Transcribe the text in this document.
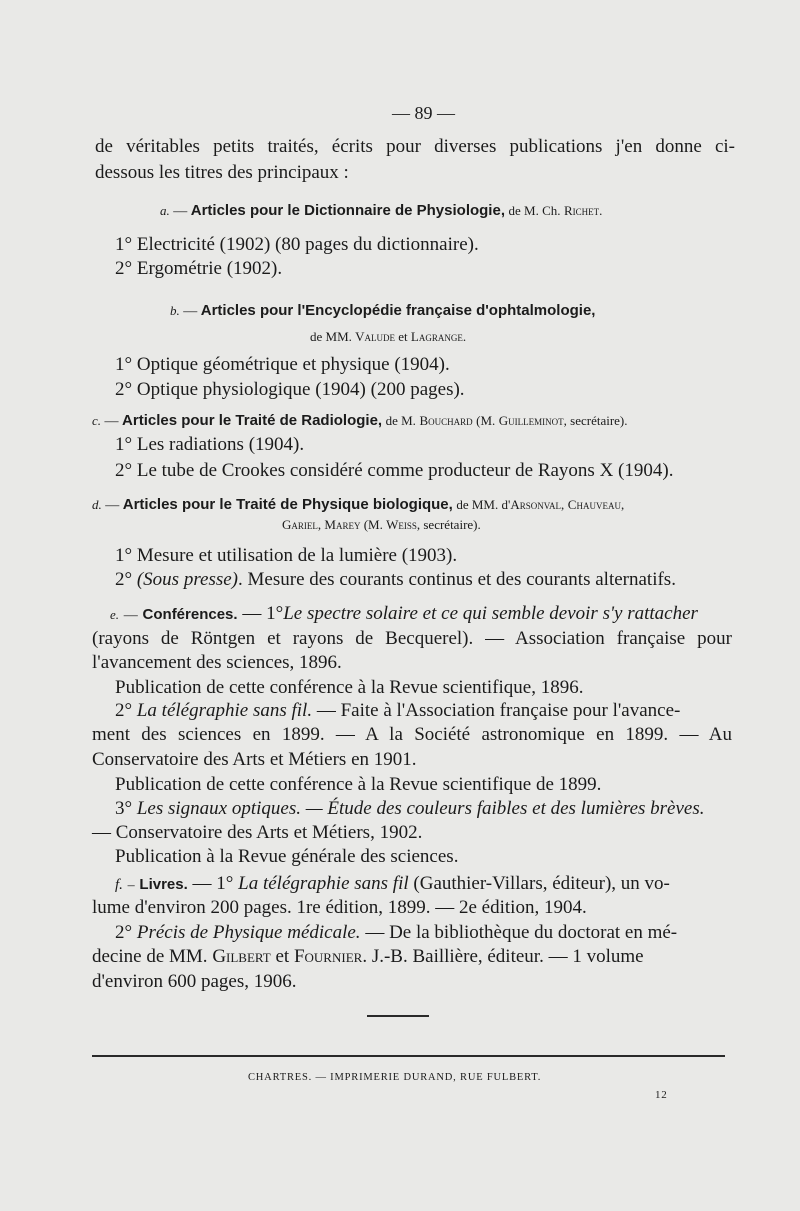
— 89 —
de véritables petits traités, écrits pour diverses publications j'en donne ci-
dessous les titres des principaux :
a. — Articles pour le Dictionnaire de Physiologie, de M. Ch. Richet.
1° Electricité (1902) (80 pages du dictionnaire).
2° Ergométrie (1902).
b. — Articles pour l'Encyclopédie française d'ophtalmologie,
de MM. Valude et Lagrange.
1° Optique géométrique et physique (1904).
2° Optique physiologique (1904) (200 pages).
c. — Articles pour le Traité de Radiologie, de M. Bouchard (M. Guilleminot, secrétaire).
1° Les radiations (1904).
2° Le tube de Crookes considéré comme producteur de Rayons X (1904).
d. — Articles pour le Traité de Physique biologique, de MM. d'Arsonval, Chauveau,
Gariel, Marey (M. Weiss, secrétaire).
1° Mesure et utilisation de la lumière (1903).
2° (Sous presse). Mesure des courants continus et des courants alternatifs.
e. — Conférences. — 1°Le spectre solaire et ce qui semble devoir s'y rattacher
(rayons de Röntgen et rayons de Becquerel). — Association française pour
l'avancement des sciences, 1896.
Publication de cette conférence à la Revue scientifique, 1896.
2° La télégraphie sans fil. — Faite à l'Association française pour l'avance-
ment des sciences en 1899. — A la Société astronomique en 1899. — Au
Conservatoire des Arts et Métiers en 1901.
Publication de cette conférence à la Revue scientifique de 1899.
3° Les signaux optiques. — Étude des couleurs faibles et des lumières brèves.
— Conservatoire des Arts et Métiers, 1902.
Publication à la Revue générale des sciences.
f. – Livres. — 1° La télégraphie sans fil (Gauthier-Villars, éditeur), un vo-
lume d'environ 200 pages. 1re édition, 1899. — 2e édition, 1904.
2° Précis de Physique médicale. — De la bibliothèque du doctorat en mé-
decine de MM. Gilbert et Fournier. J.-B. Baillière, éditeur. — 1 volume
d'environ 600 pages, 1906.
CHARTRES. — IMPRIMERIE DURAND, RUE FULBERT.
12
